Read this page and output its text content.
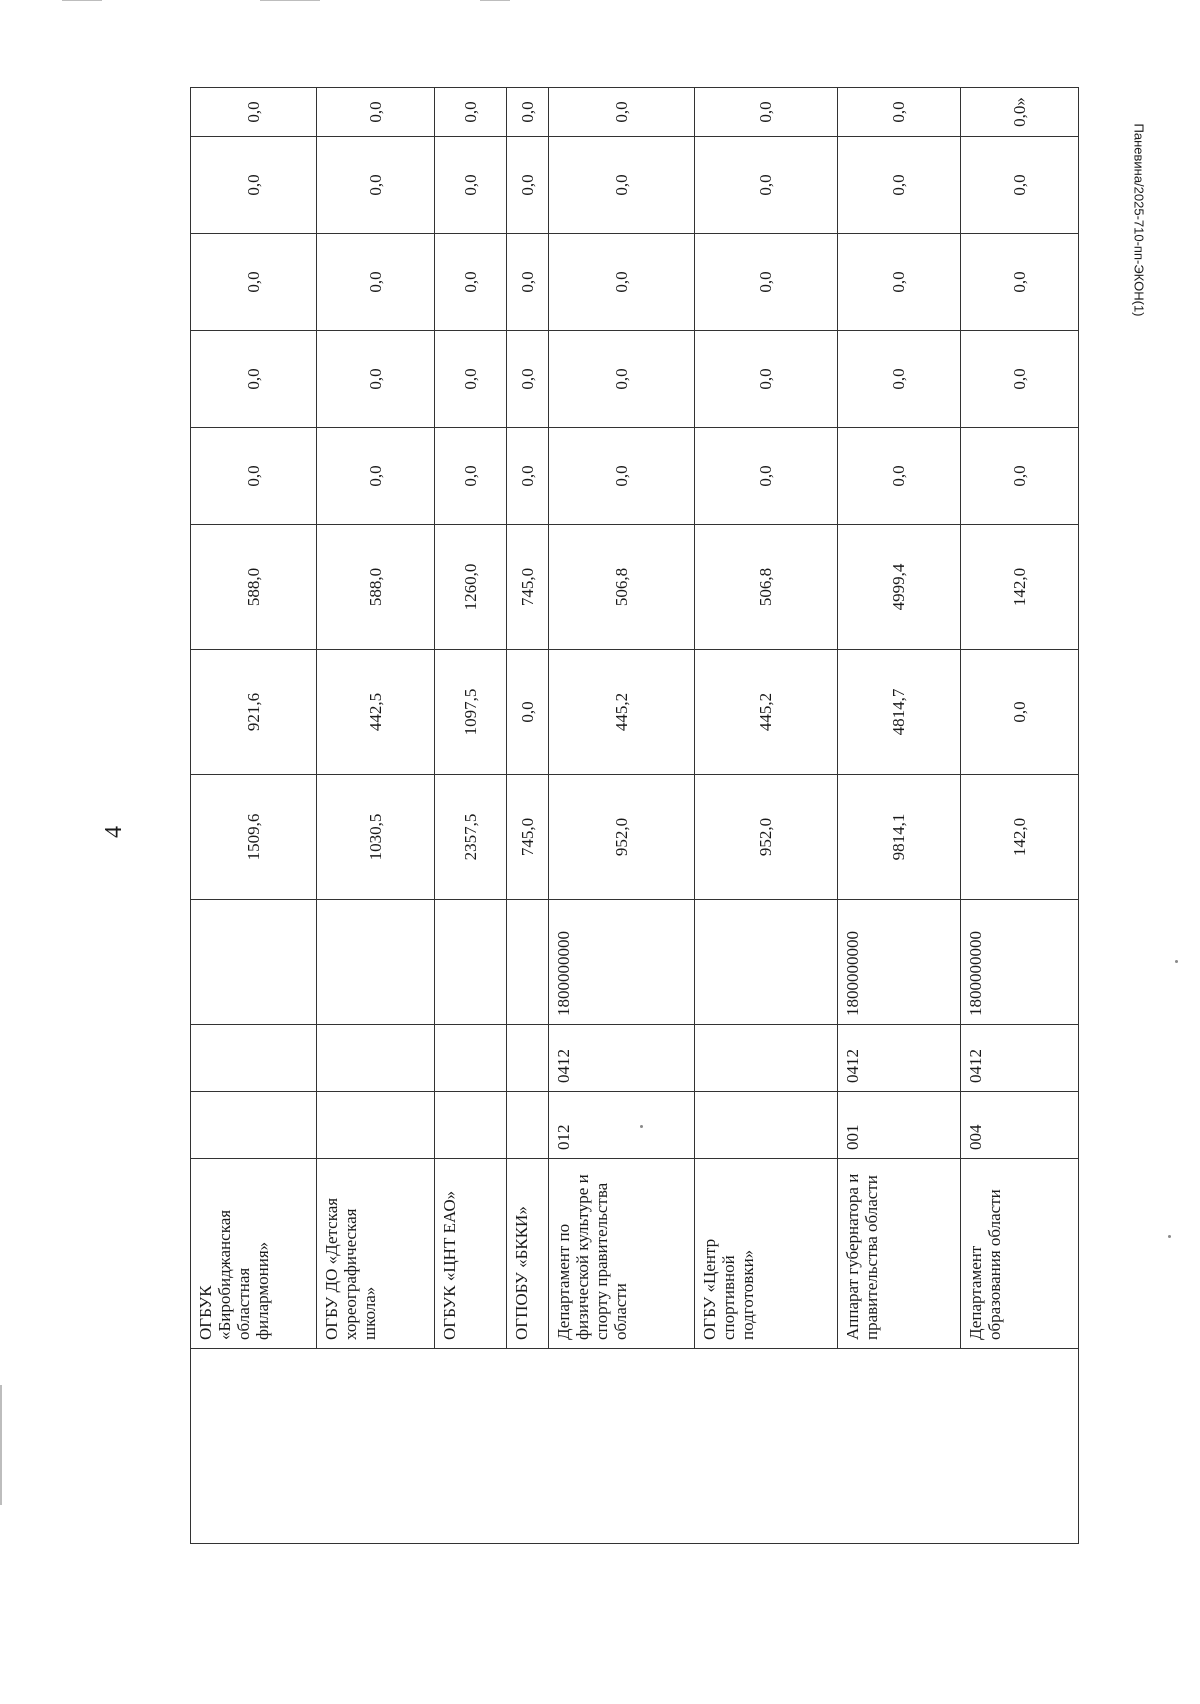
4
Паневина/2025-710-пп-ЭКОН(1)
	ОГБУК «Биробиджанская областная филармония»				1509,6	921,6	588,0	0,0	0,0	0,0	0,0	0,0
	ОГБУ ДО «Детская хореографическая школа»				1030,5	442,5	588,0	0,0	0,0	0,0	0,0	0,0
	ОГБУК «ЦНТ ЕАО»				2357,5	1097,5	1260,0	0,0	0,0	0,0	0,0	0,0
	ОГПОБУ «БККИ»				745,0	0,0	745,0	0,0	0,0	0,0	0,0	0,0
	Департамент по физической культуре и спорту правительства области	012	0412	1800000000	952,0	445,2	506,8	0,0	0,0	0,0	0,0	0,0
	ОГБУ «Центр спортивной подготовки»				952,0	445,2	506,8	0,0	0,0	0,0	0,0	0,0
	Аппарат губернатора и правительства области	001	0412	1800000000	9814,1	4814,7	4999,4	0,0	0,0	0,0	0,0	0,0
	Департамент образования области	004	0412	1800000000	142,0	0,0	142,0	0,0	0,0	0,0	0,0	0,0»
